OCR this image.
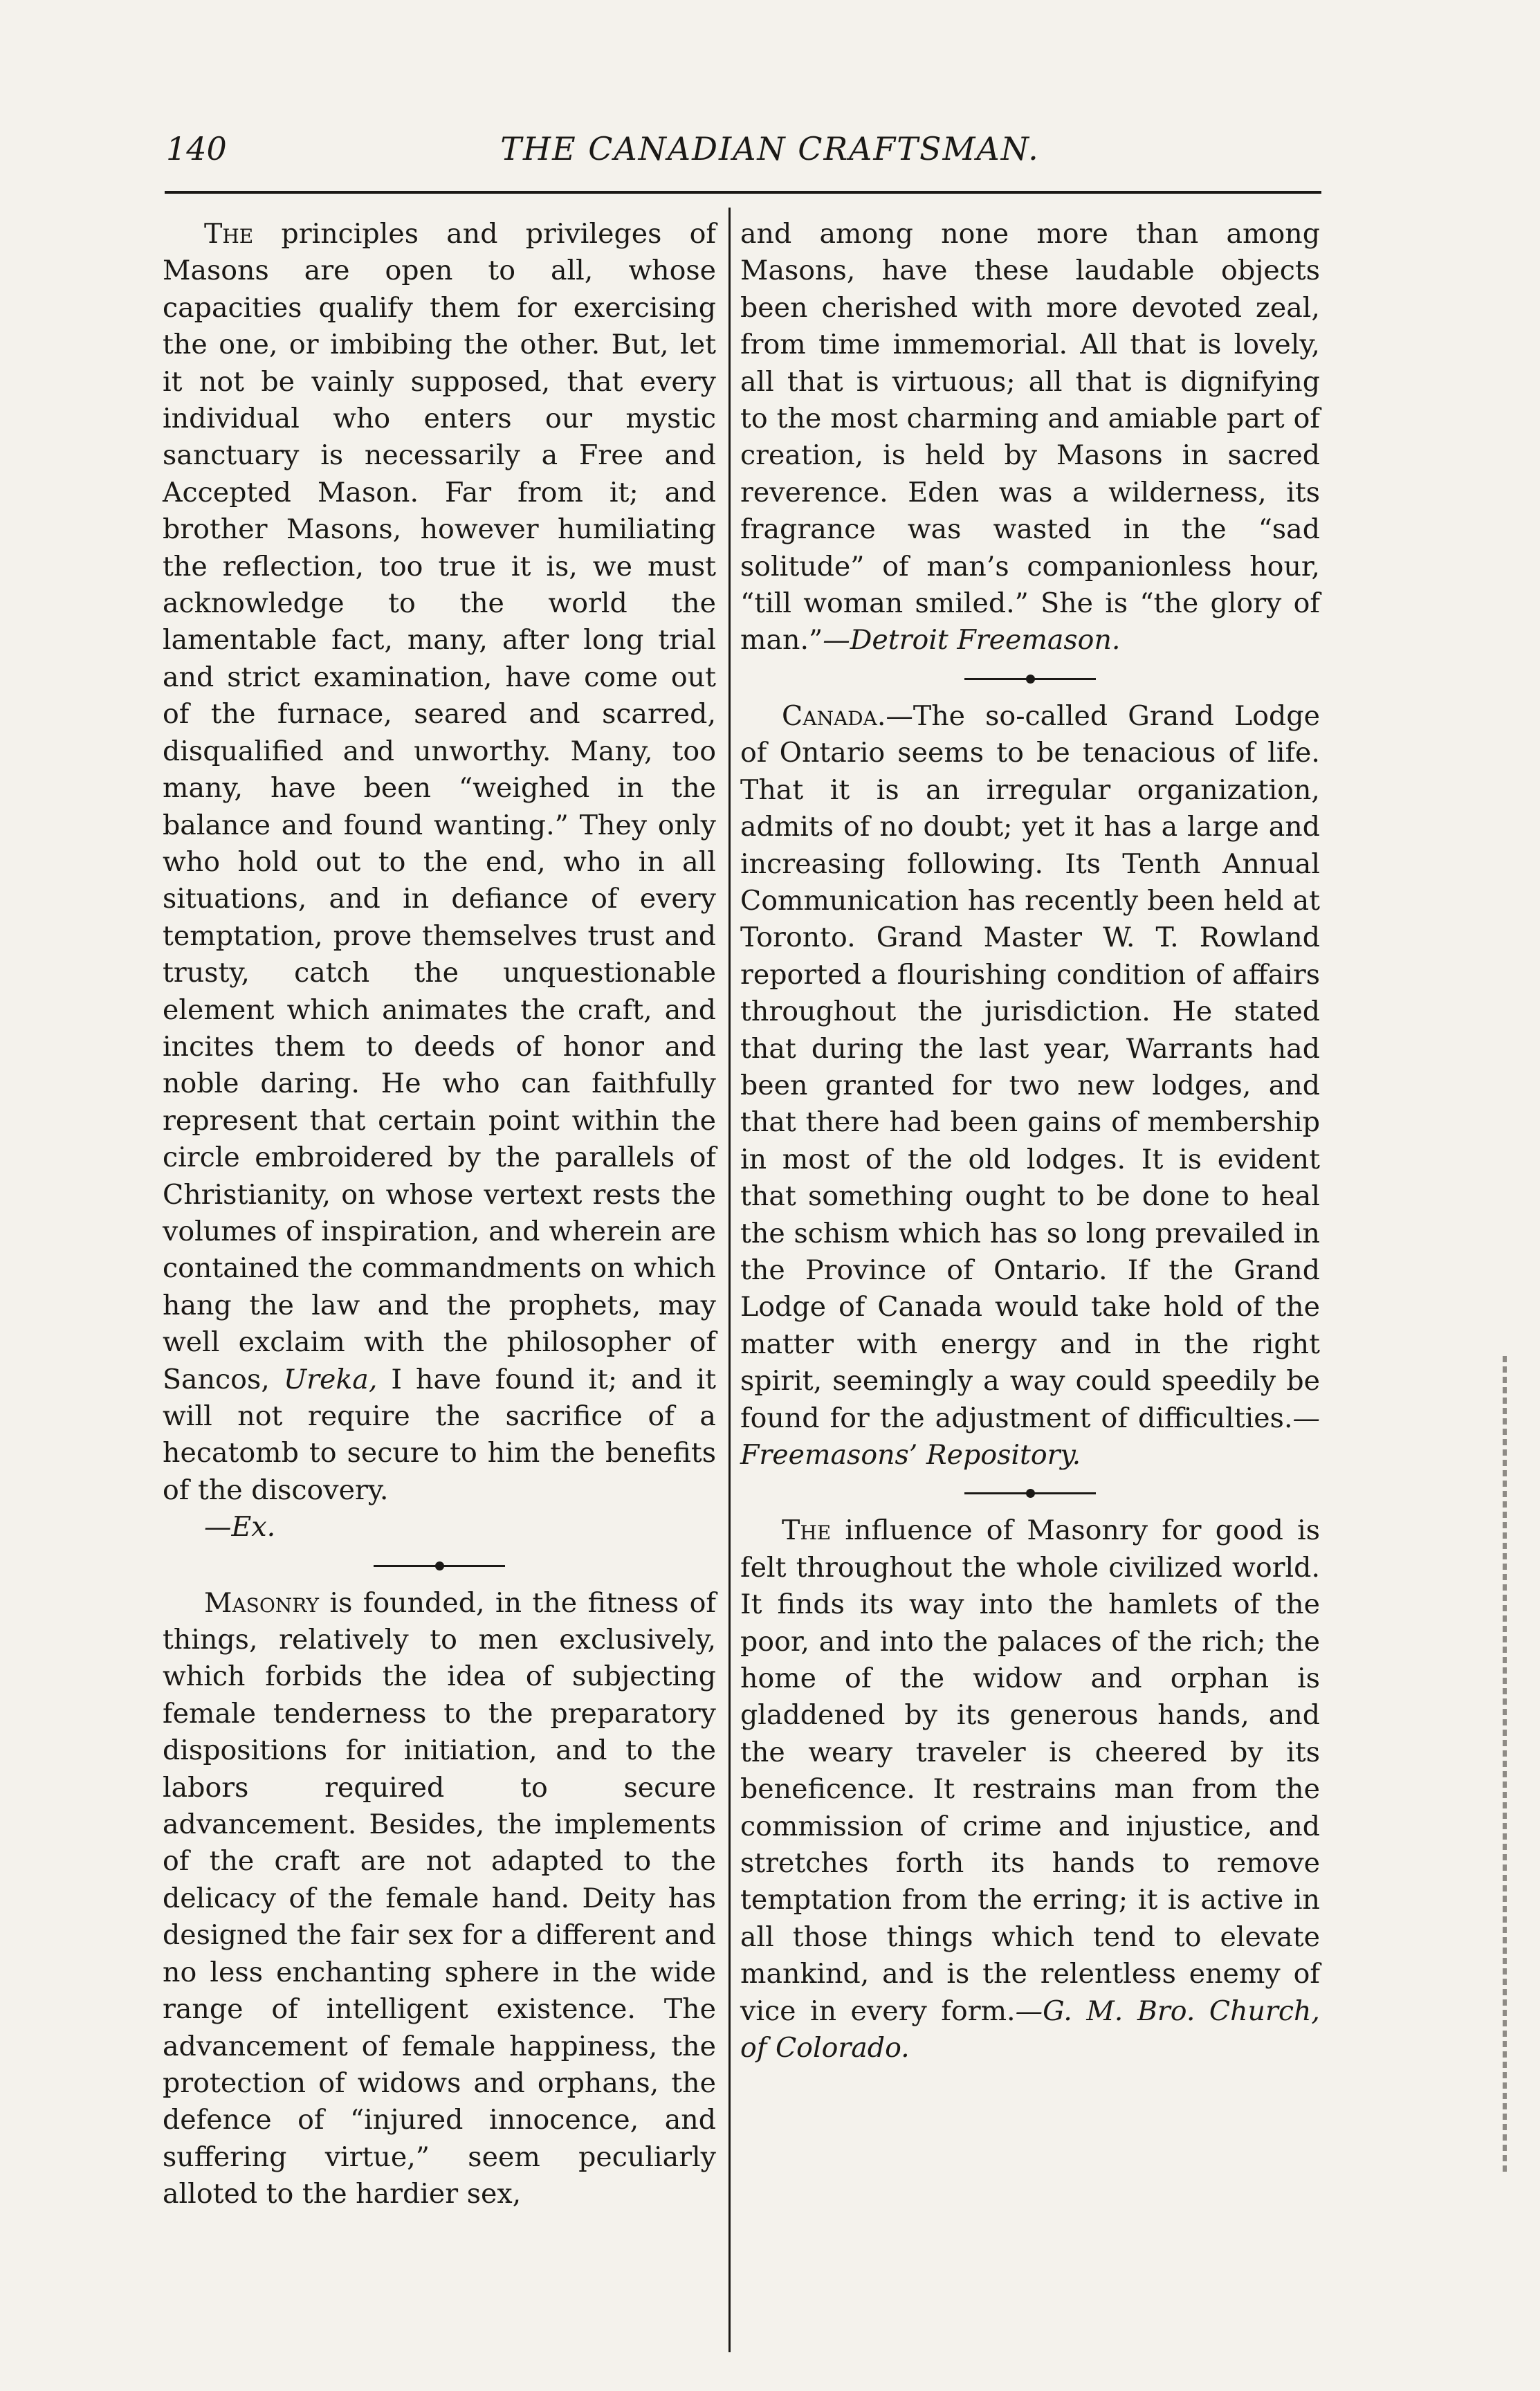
140	THE CANADIAN CRAFTSMAN.

The principles and privileges of Masons are open to all, whose capacities qualify them for exercising the one, or imbibing the other. But, let it not be vainly supposed, that every individual who enters our mystic sanctuary is necessarily a Free and Accepted Mason. Far from it; and brother Masons, however humiliating the reflection, too true it is, we must acknowledge to the world the lamentable fact, many, after long trial and strict examination, have come out of the furnace, seared and scarred, disqualified and unworthy. Many, too many, have been “weighed in the balance and found wanting.” They only who hold out to the end, who in all situations, and in defiance of every temptation, prove themselves trust and trusty, catch the unquestionable element which animates the craft, and incites them to deeds of honor and noble daring. He who can faithfully represent that certain point within the circle embroidered by the parallels of Christianity, on whose vertext rests the volumes of inspiration, and wherein are contained the commandments on which hang the law and the prophets, may well exclaim with the philosopher of Sancos, Ureka, I have found it; and it will not require the sacrifice of a hecatomb to secure to him the benefits of the discovery.
—Ex.

Masonry is founded, in the fitness of things, relatively to men exclusively, which forbids the idea of subjecting female tenderness to the preparatory dispositions for initiation, and to the labors required to secure advancement. Besides, the implements of the craft are not adapted to the delicacy of the female hand. Deity has designed the fair sex for a different and no less enchanting sphere in the wide range of intelligent existence. The advancement of female happiness, the protection of widows and orphans, the defence of “injured innocence, and suffering virtue,” seem peculiarly alloted to the hardier sex,

and among none more than among Masons, have these laudable objects been cherished with more devoted zeal, from time immemorial. All that is lovely, all that is virtuous; all that is dignifying to the most charming and amiable part of creation, is held by Masons in sacred reverence. Eden was a wilderness, its fragrance was wasted in the “sad solitude” of man’s companionless hour, “till woman smiled.” She is “the glory of man.”—Detroit Freemason.

Canada.—The so-called Grand Lodge of Ontario seems to be tenacious of life. That it is an irregular organization, admits of no doubt; yet it has a large and increasing following. Its Tenth Annual Communication has recently been held at Toronto. Grand Master W. T. Rowland reported a flourishing condition of affairs throughout the jurisdiction. He stated that during the last year, Warrants had been granted for two new lodges, and that there had been gains of membership in most of the old lodges. It is evident that something ought to be done to heal the schism which has so long prevailed in the Province of Ontario. If the Grand Lodge of Canada would take hold of the matter with energy and in the right spirit, seemingly a way could speedily be found for the adjustment of difficulties.—Freemasons’ Repository.

The influence of Masonry for good is felt throughout the whole civilized world. It finds its way into the hamlets of the poor, and into the palaces of the rich; the home of the widow and orphan is gladdened by its generous hands, and the weary traveler is cheered by its beneficence. It restrains man from the commission of crime and injustice, and stretches forth its hands to remove temptation from the erring; it is active in all those things which tend to elevate mankind, and is the relentless enemy of vice in every form.—G. M. Bro. Church, of Colorado.
